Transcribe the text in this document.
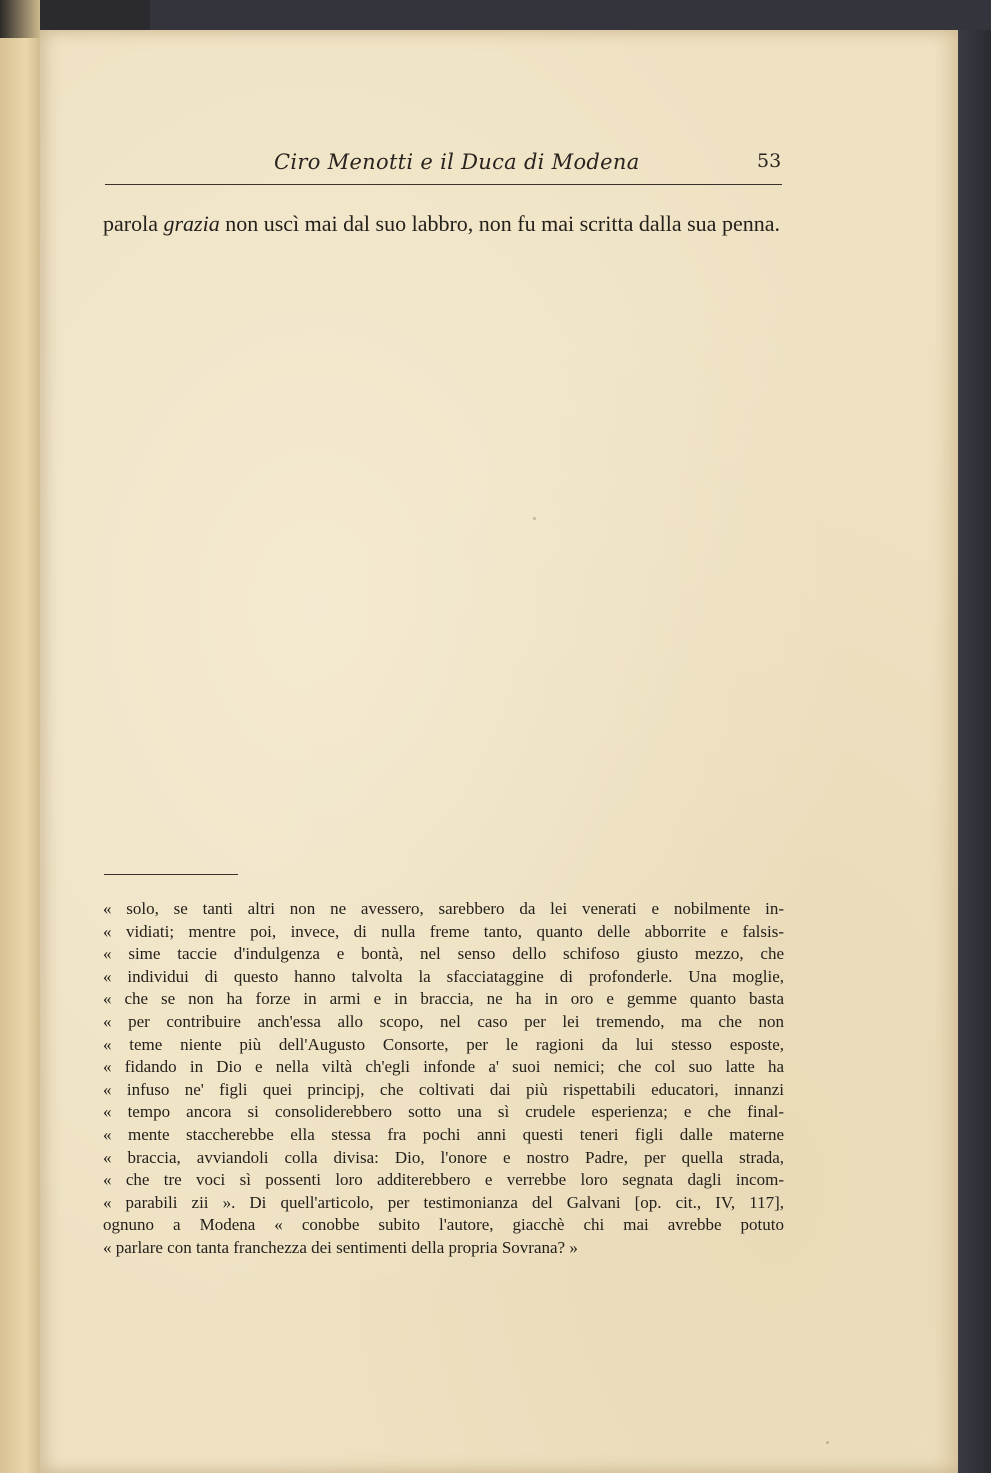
Ciro Menotti e il Duca di Modena	53
parola grazia non uscì mai dal suo labbro, non fu mai scritta dalla sua penna.
« solo, se tanti altri non ne avessero, sarebbero da lei venerati e nobilmente in-
« vidiati; mentre poi, invece, di nulla freme tanto, quanto delle abborrite e falsis-
« sime taccie d'indulgenza e bontà, nel senso dello schifoso giusto mezzo, che
« individui di questo hanno talvolta la sfacciataggine di profonderle. Una moglie,
« che se non ha forze in armi e in braccia, ne ha in oro e gemme quanto basta
« per contribuire anch'essa allo scopo, nel caso per lei tremendo, ma che non
« teme niente più dell'Augusto Consorte, per le ragioni da lui stesso esposte,
« fidando in Dio e nella viltà ch'egli infonde a' suoi nemici; che col suo latte ha
« infuso ne' figli quei principj, che coltivati dai più rispettabili educatori, innanzi
« tempo ancora si consoliderebbero sotto una sì crudele esperienza; e che final-
« mente staccherebbe ella stessa fra pochi anni questi teneri figli dalle materne
« braccia, avviandoli colla divisa: Dio, l'onore e nostro Padre, per quella strada,
« che tre voci sì possenti loro additerebbero e verrebbe loro segnata dagli incom-
« parabili zii ». Di quell'articolo, per testimonianza del Galvani [op. cit., IV, 117],
ognuno a Modena « conobbe subito l'autore, giacchè chi mai avrebbe potuto
« parlare con tanta franchezza dei sentimenti della propria Sovrana? »
